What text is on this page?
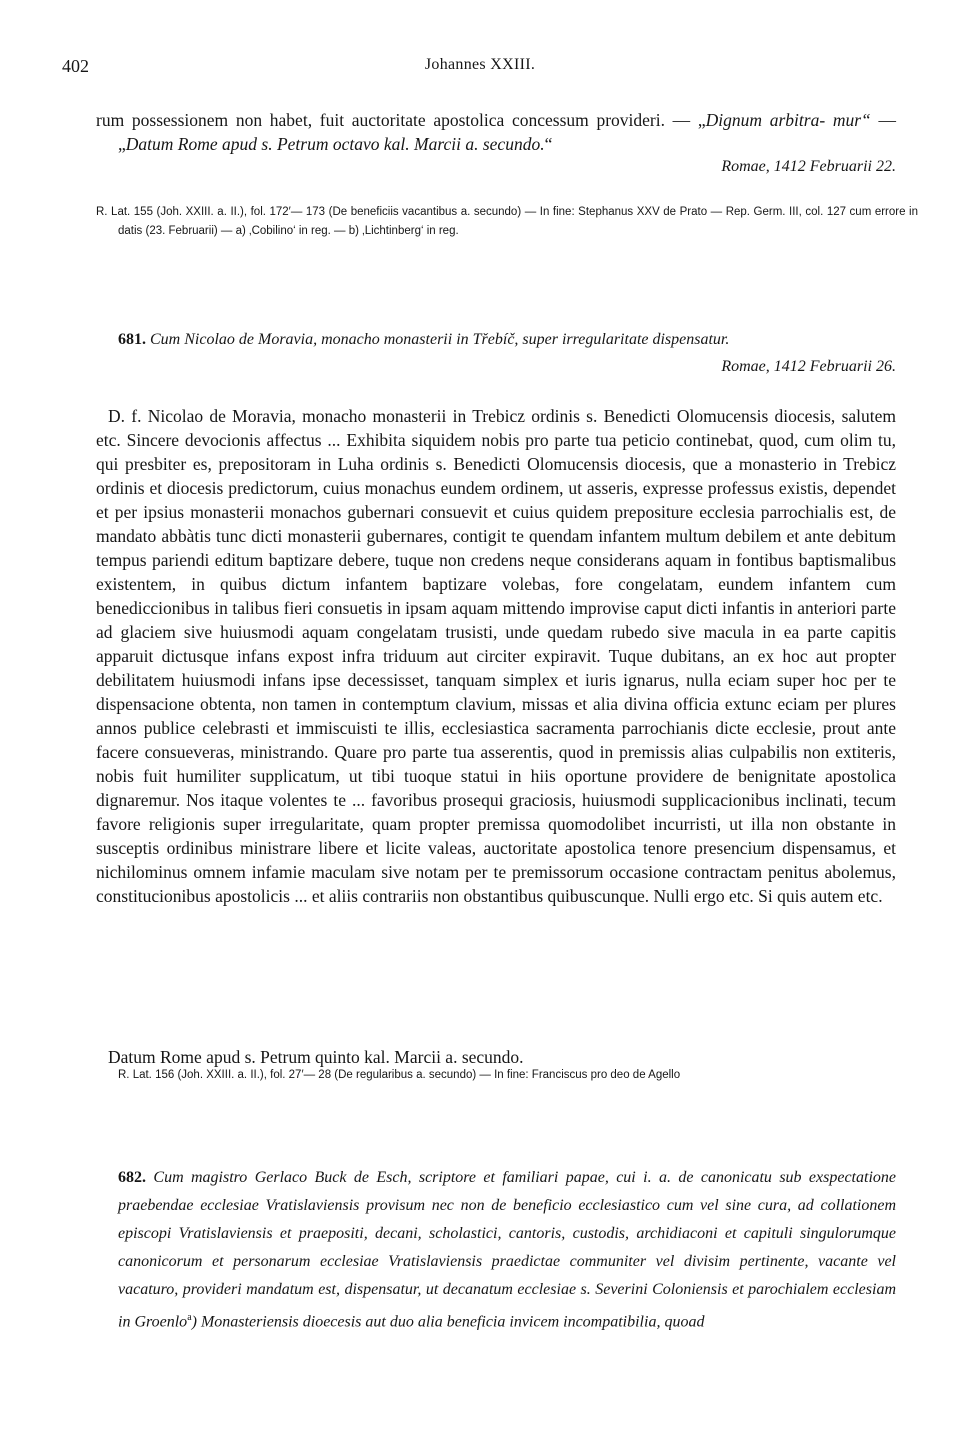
402	Johannes XXIII.

rum possessionem non habet, fuit auctoritate apostolica concessum provideri. — „Dignum arbitra- mur“ — „Datum Rome apud s. Petrum octavo kal. Marcii a. secundo.“

Romae, 1412 Februarii 22.
R. Lat. 155 (Joh. XXIII. a. II.), fol. 172′— 173 (De beneficiis vacantibus a. secundo) — In fine: Stephanus XXV de Prato — Rep. Germ. III, col. 127 cum errore in datis (23. Februarii) — a) ‚Cobilino‘ in reg. — b) ‚Lichtinberg‘ in reg.
681. Cum Nicolao de Moravia, monacho monasterii in Třebíč, super irregularitate dispensatur.
Romae, 1412 Februarii 26.
D. f. Nicolao de Moravia, monacho monasterii in Trebicz ordinis s. Benedicti Olomucensis diocesis, salutem etc. Sincere devocionis affectus ... Exhibita siquidem nobis pro parte tua peticio continebat, quod, cum olim tu, qui presbiter es, prepositoram in Luha ordinis s. Benedicti Olomucensis diocesis, que a monasterio in Trebicz ordinis et diocesis predictorum, cuius monachus eundem ordinem, ut asseris, expresse professus existis, dependet et per ipsius monasterii monachos gubernari consuevit et cuius quidem prepositure ecclesia parrochialis est, de mandato abbàtis tunc dicti monasterii gubernares, contigit te quendam infantem multum debilem et ante debitum tempus pariendi editum baptizare debere, tuque non credens neque considerans aquam in fontibus baptismalibus existentem, in quibus dictum infantem baptizare volebas, fore congelatam, eundem infantem cum benediccionibus in talibus fieri consuetis in ipsam aquam mittendo improvise caput dicti infantis in anteriori parte ad glaciem sive huiusmodi aquam congelatam trusisti, unde quedam rubedo sive macula in ea parte capitis apparuit dictusque infans expost infra triduum aut circiter expiravit. Tuque dubitans, an ex hoc aut propter debilitatem huiusmodi infans ipse decessisset, tanquam simplex et iuris ignarus, nulla eciam super hoc per te dispensacione obtenta, non tamen in contemptum clavium, missas et alia divina officia extunc eciam per plures annos publice celebrasti et immiscuisti te illis, ecclesiastica sacramenta parrochianis dicte ecclesie, prout ante facere consueveras, ministrando. Quare pro parte tua asserentis, quod in premissis alias culpabilis non extiteris, nobis fuit humiliter supplicatum, ut tibi tuoque statui in hiis oportune providere de benignitate apostolica dignaremur. Nos itaque volentes te ... favoribus prosequi graciosis, huiusmodi supplicacionibus inclinati, tecum favore religionis super irregularitate, quam propter premissa quomodolibet incurristi, ut illa non obstante in susceptis ordinibus ministrare libere et licite valeas, auctoritate apostolica tenore presencium dispensamus, et nichilominus omnem infamie maculam sive notam per te premissorum occasione contractam penitus abolemus, constitucionibus apostolicis ... et aliis contrariis non obstantibus quibuscunque. Nulli ergo etc. Si quis autem etc.
Datum Rome apud s. Petrum quinto kal. Marcii a. secundo.
R. Lat. 156 (Joh. XXIII. a. II.), fol. 27′— 28 (De regularibus a. secundo) — In fine: Franciscus pro deo de Agello
682. Cum magistro Gerlaco Buck de Esch, scriptore et familiari papae, cui i. a. de canonicatu sub exspectatione praebendae ecclesiae Vratislaviensis provisum nec non de beneficio ecclesiastico cum vel sine cura, ad collationem episcopi Vratislaviensis et praepositi, decani, scholastici, cantoris, custodis, archidiaconi et capituli singulorumque canonicorum et personarum ecclesiae Vratislaviensis praedictae communiter vel divisim pertinente, vacante vel vacaturo, provideri mandatum est, dispensatur, ut decanatum ecclesiae s. Severini Coloniensis et parochialem ecclesiam in Groenlo$^a$) Monasteriensis dioecesis aut duo alia beneficia invicem incompatibilia, quoad
